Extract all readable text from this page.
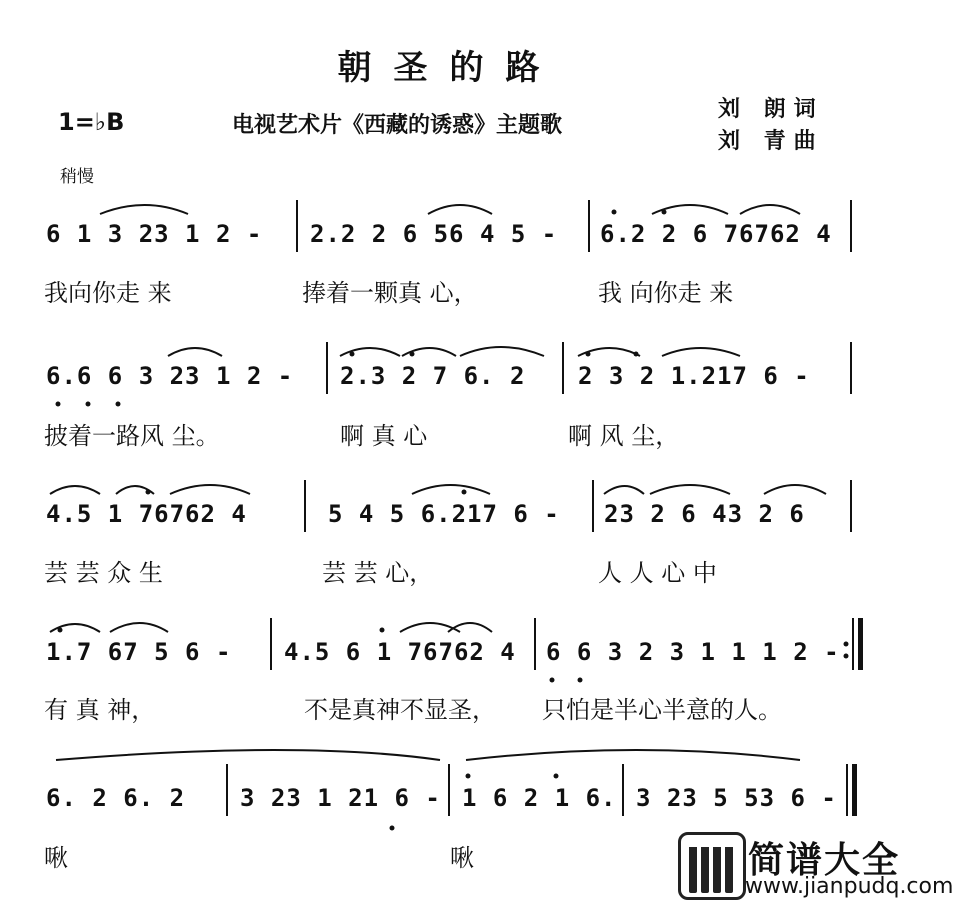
朝圣的路
1=♭B	电视艺术片《西藏的诱惑》主题歌
刘 朗词
刘 青曲
稍慢
6 1 3 23 1 2 - 2.2 2 6 56 4 5 - 6.2 2 6 76762 4
我向你走 来	捧着一颗真 心，	我 向你走 来
6.6 6 3 23 1 2 - 2.3 2 7 6. 2 2 3 2 1.217 6 -
披着一路风 尘。	啊 真 心	啊 风 尘，
4.5 1 76762 4	5 4 5 6.217 6 - 23 2 6 43 2 6
芸 芸 众 生	芸 芸 心，	人 人 心 中
1.7 67 5 6 - 4.5 6 1 76762 4 6 6 3 2 3 1 1 1 2 -
有 真 神，	不是真神不显圣， 只怕是半心半意的人。
6. 2 6. 2 3 23 1 21 6 - 1 6 2 1 6. 3 23 5 53 6 -
啾	啾	简谱大全
www.jianpudq.com
